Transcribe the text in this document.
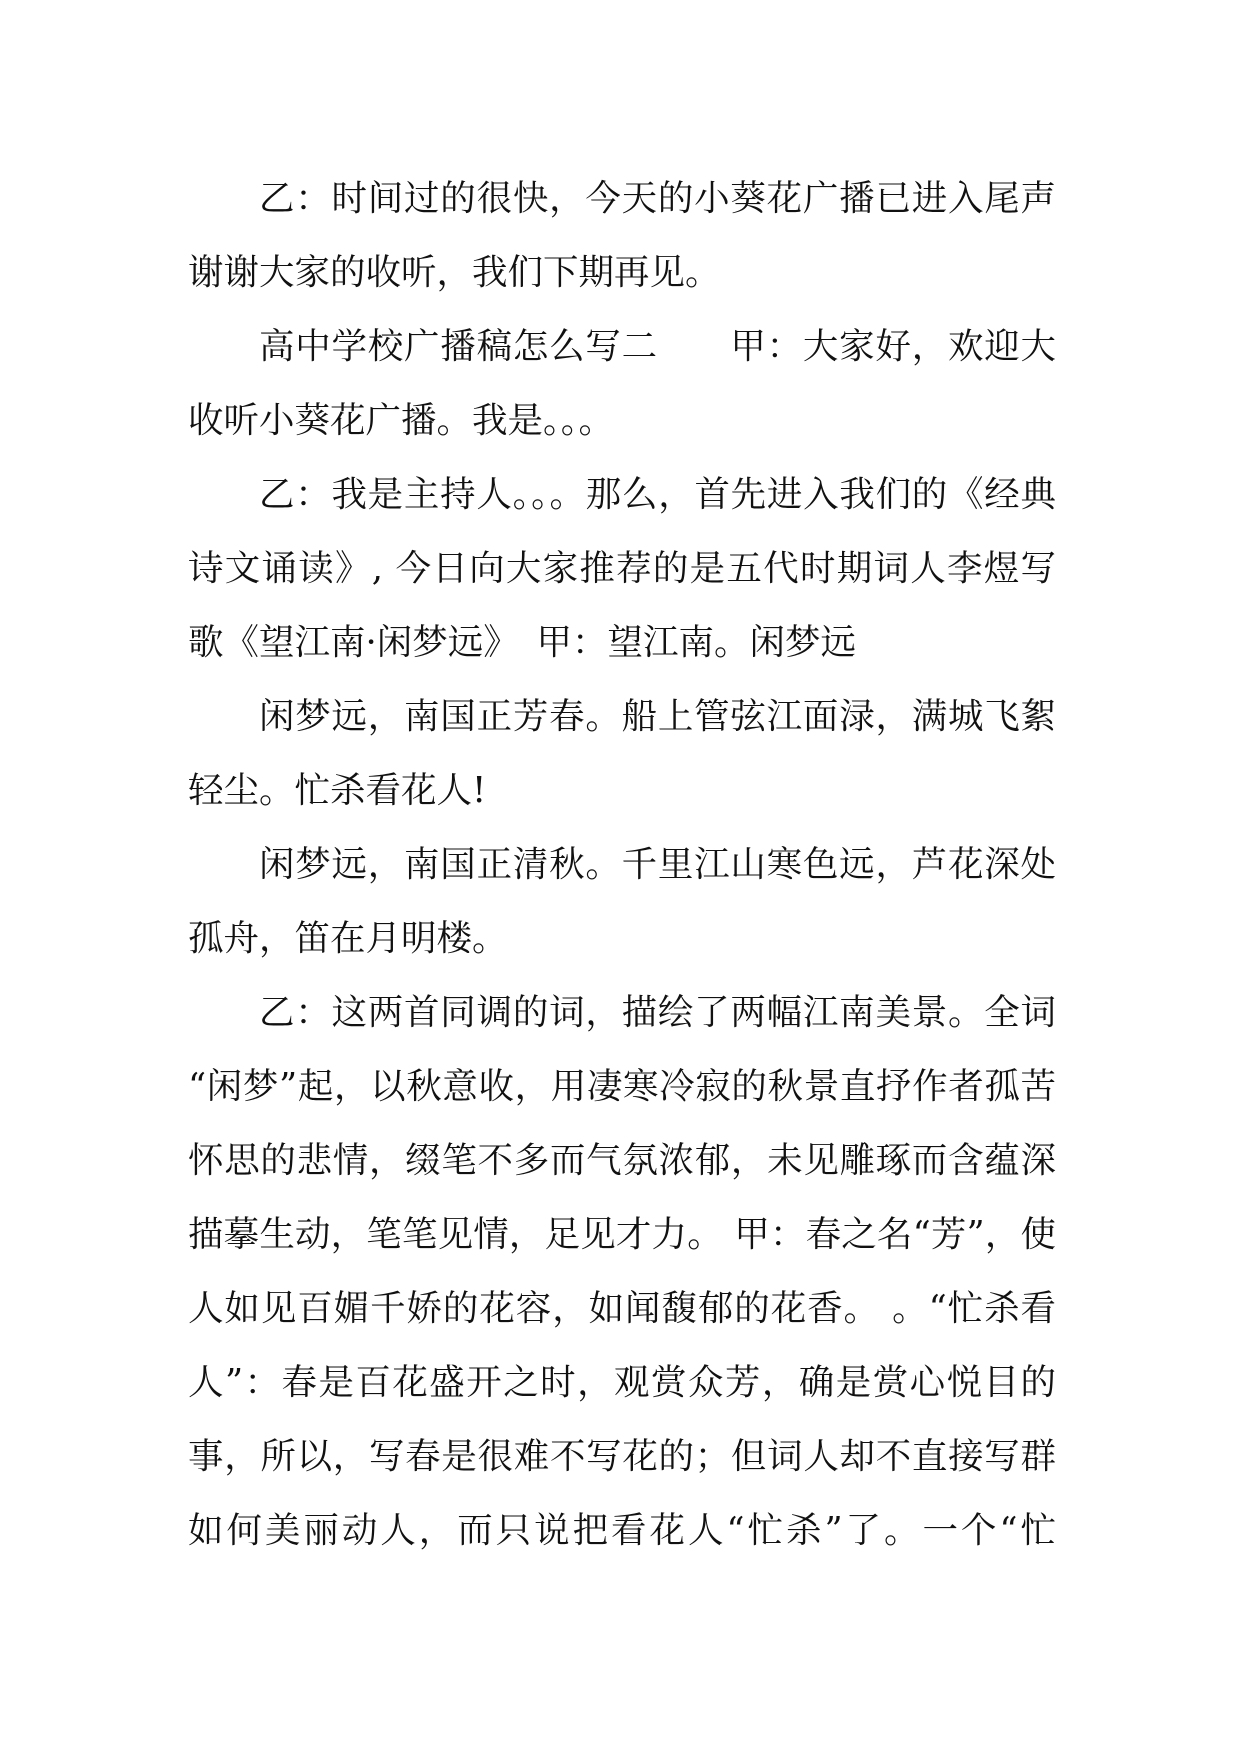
乙：时间过的很快，今天的小葵花广播已进入尾声
谢谢大家的收听，我们下期再见。
高中学校广播稿怎么写二　　甲：大家好，欢迎大
收听小葵花广播。我是。。。
乙：我是主持人。。。那么，首先进入我们的《经典
诗文诵读》, 今日向大家推荐的是五代时期词人李煜写
歌《望江南·闲梦远》　甲：望江南。闲梦远
闲梦远，南国正芳春。船上管弦江面渌，满城飞絮
轻尘。忙杀看花人!
闲梦远，南国正清秋。千里江山寒色远，芦花深处
孤舟，笛在月明楼。
乙：这两首同调的词，描绘了两幅江南美景。全词
“闲梦”起，以秋意收，用凄寒冷寂的秋景直抒作者孤苦
怀思的悲情，缀笔不多而气氛浓郁，未见雕琢而含蕴深
描摹生动，笔笔见情，足见才力。 甲：春之名“芳”，使
人如见百媚千娇的花容，如闻馥郁的花香。 。“忙杀看
人”：春是百花盛开之时，观赏众芳，确是赏心悦目的
事，所以，写春是很难不写花的；但词人却不直接写群
如何美丽动人，而只说把看花人“忙杀”了。一个“忙
